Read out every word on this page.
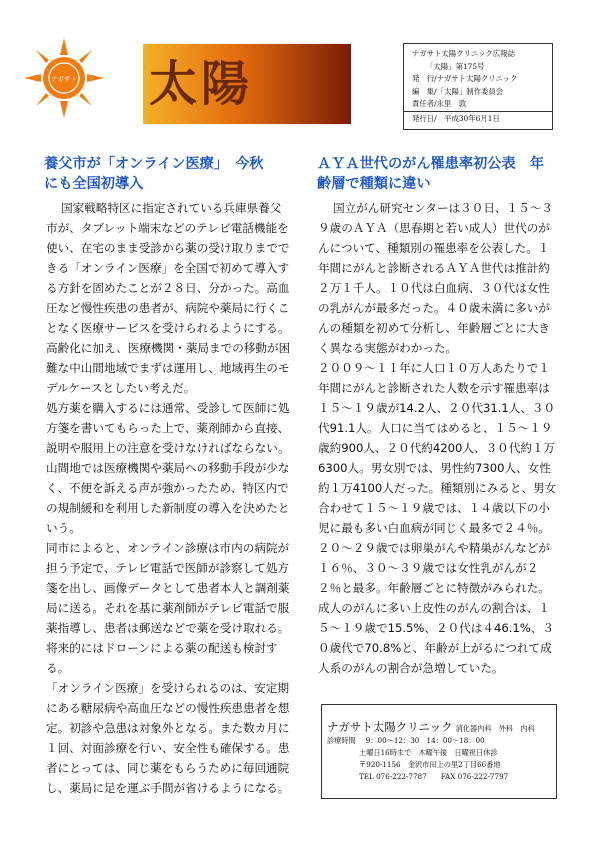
ナガサト 太陽
ナガサト太陽クリニック広報誌
「太陽」第175号
発　行/ナガサト太陽クリニック
編　集/「太陽」制作委員会
責任者/永里　敦
発行日/　平成30年6月1日
養父市が「オンライン医療」　今秋
にも全国初導入

国家戦略特区に指定されている兵庫県養父市が、タブレット端末などのテレビ電話機能を使い、在宅のまま受診から薬の受け取りまでできる「オンライン医療」を全国で初めて導入する方針を固めたことが２８日、分かった。高血圧など慢性疾患の患者が、病院や薬局に行くことなく医療サービスを受けられるようにする。高齢化に加え、医療機関・薬局までの移動が困難な中山間地域でまずは運用し、地域再生のモデルケースとしたい考えだ。

処方薬を購入するには通常、受診して医師に処方箋を書いてもらった上で、薬剤師から直接、説明や服用上の注意を受けなければならない。山間地では医療機関や薬局への移動手段が少なく、不便を訴える声が強かったため、特区内での規制緩和を利用した新制度の導入を決めたという。

同市によると、オンライン診療は市内の病院が担う予定で、テレビ電話で医師が診察して処方箋を出し、画像データとして患者本人と調剤薬局に送る。それを基に薬剤師がテレビ電話で服薬指導し、患者は郵送などで薬を受け取れる。将来的にはドローンによる薬の配送も検討する。

「オンライン医療」を受けられるのは、安定期にある糖尿病や高血圧などの慢性疾患患者を想定。初診や急患は対象外となる。また数カ月に１回、対面診療を行い、安全性も確保する。患者にとっては、同じ薬をもらうために毎回通院し、薬局に足を運ぶ手間が省けるようになる。

ＡＹＡ世代のがん罹患率初公表　年
齢層で種類に違い

国立がん研究センターは３０日、１５～３９歳のＡＹＡ（思春期と若い成人）世代のがんについて、種類別の罹患率を公表した。１年間にがんと診断されるＡＹＡ世代は推計約２万１千人。１０代は白血病、３０代は女性の乳がんが最多だった。４０歳未満に多いがんの種類を初めて分析し、年齢層ごとに大きく異なる実態がわかった。

２００９～１１年に人口１０万人あたりで１年間にがんと診断された人数を示す罹患率は１５～１９歳が14.2人、２０代31.1人、３０代91.1人。人口に当てはめると、１５～１９歳約900人、２０代約4200人、３０代約１万6300人。男女別では、男性約7300人、女性約１万4100人だった。種類別にみると、男女合わせて１５～１９歳では、１４歳以下の小児に最も多い白血病が同じく最多で２４％。２０～２９歳では卵巣がんや精巣がんなどが１６％、３０～３９歳では女性乳がんが２２％と最多。年齢層ごとに特徴がみられた。成人のがんに多い上皮性のがんの割合は、１５～１９歳で15.5%、２０代は４46.1%、３０歳代で70.8%と、年齢が上がるにつれて成人系のがんの割合が急増していた。

ナガサト太陽クリニック 消化器内科　外科　内科
診療時間 9：00～12：30　14：00～18：00
土曜日16時まで　木曜午後　日曜祝日休診
〒920-1156　金沢市田上の里2丁目66番地
TEL 076-222-7787 FAX 076-222-7797
